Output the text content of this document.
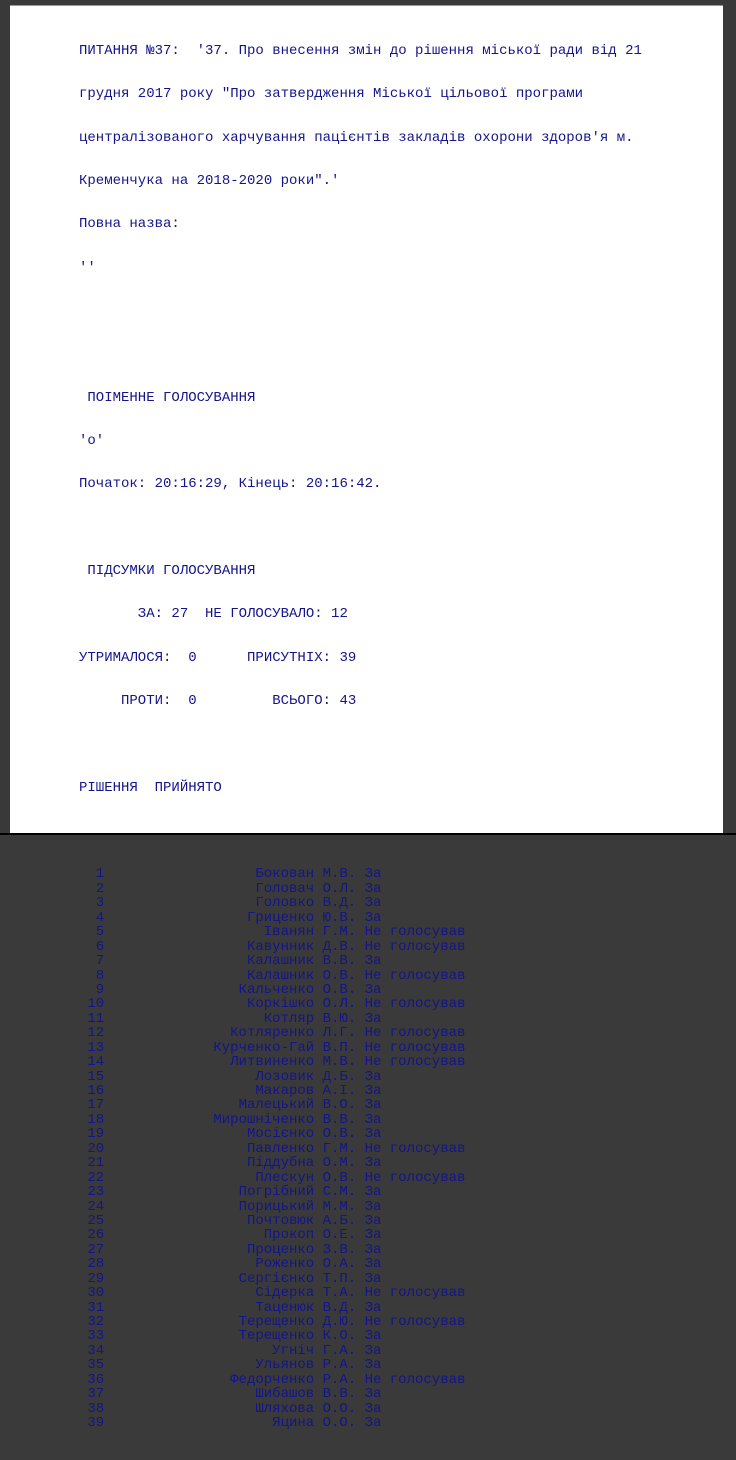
ПИТАННЯ №37:  '37. Про внесення змін до рішення міської ради від 21

грудня 2017 року "Про затвердження Міської цільової програми

централізованого харчування пацієнтів закладів охорони здоров'я м.

Кременчука на 2018-2020 роки".'

Повна назва:

''

ПОІМЕННЕ ГОЛОСУВАННЯ

'о'

Початок: 20:16:29, Кінець: 20:16:42.

ПІДСУМКИ ГОЛОСУВАННЯ

ЗА: 27  НЕ ГОЛОСУВАЛО: 12

УТРИМАЛОСЯ:  0      ПРИСУТНІХ: 39

ПРОТИ:  0         ВСЬОГО: 43

РІШЕННЯ  ПРИЙНЯТО

1	Бокован М.В. За
2	Головач О.Л. За
3	Головко В.Д. За
4	Гриценко Ю.В. За
5	Іванян Г.М. Не голосував
6	Кавунник Д.В. Не голосував
7	Калашник В.В. За
8	Калашник О.В. Не голосував
9	Кальченко О.В. За
10	Коркішко О.Л. Не голосував
11	Котляр В.Ю. За
12	Котляренко Л.Г. Не голосував
13	Курченко-Гай В.П. Не голосував
14	Литвиненко М.В. Не голосував
15	Лозовик Д.Б. За
16	Макаров А.І. За
17	Малецький В.О. За
18	Мирошніченко В.В. За
19	Мосієнко О.В. За
20	Павленко Г.М. Не голосував
21	Піддубна О.М. За
22	Плескун О.В. Не голосував
23	Погрібний С.М. За
24	Порицький М.М. За
25	Почтовюк А.Б. За
26	Прокоп О.Е. За
27	Проценко З.В. За
28	Роженко О.А. За
29	Сергієнко Т.П. За
30	Сідерка Т.А. Не голосував
31	Таценюк В.Д. За
32	Терещенко Д.Ю. Не голосував
33	Терещенко К.О. За
34	Угніч Г.А. За
35	Ульянов Р.А. За
36	Федорченко Р.А. Не голосував
37	Шибашов В.В. За
38	Шляхова О.О. За
39	Яцина О.О. За
